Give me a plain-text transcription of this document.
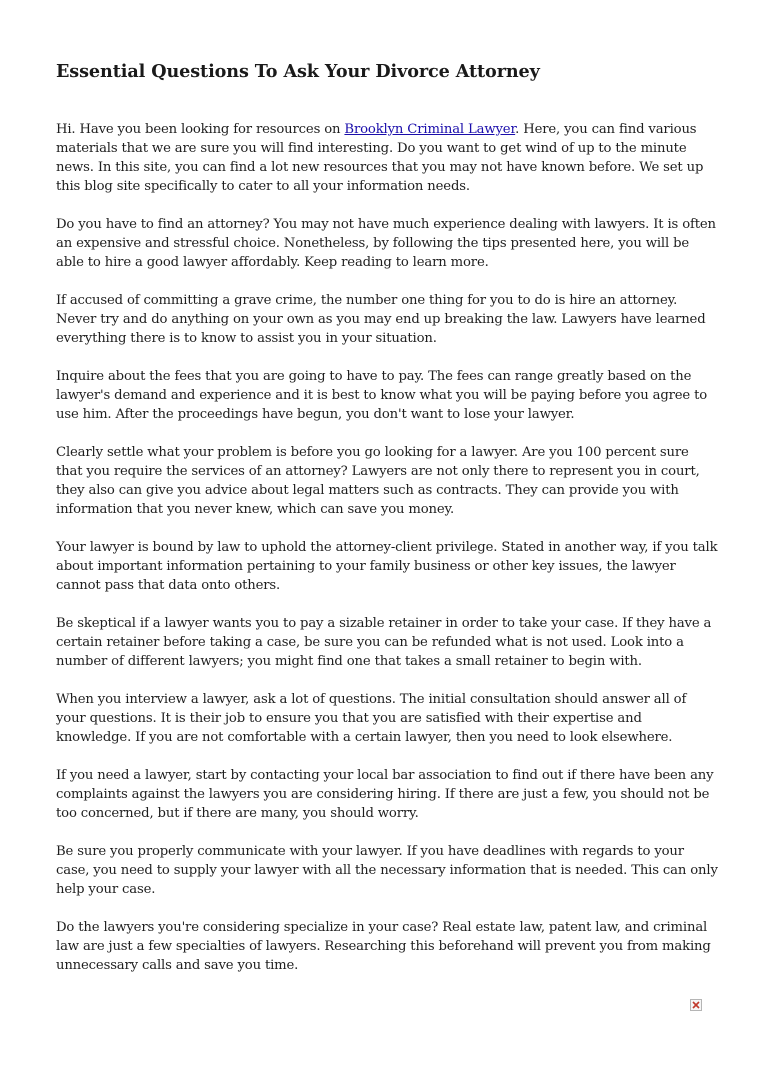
Essential Questions To Ask Your Divorce Attorney

Hi. Have you been looking for resources on Brooklyn Criminal Lawyer. Here, you can find various materials that we are sure you will find interesting. Do you want to get wind of up to the minute news. In this site, you can find a lot new resources that you may not have known before. We set up this blog site specifically to cater to all your information needs.

Do you have to find an attorney? You may not have much experience dealing with lawyers. It is often an expensive and stressful choice. Nonetheless, by following the tips presented here, you will be able to hire a good lawyer affordably. Keep reading to learn more.

If accused of committing a grave crime, the number one thing for you to do is hire an attorney. Never try and do anything on your own as you may end up breaking the law. Lawyers have learned everything there is to know to assist you in your situation.

Inquire about the fees that you are going to have to pay. The fees can range greatly based on the lawyer's demand and experience and it is best to know what you will be paying before you agree to use him. After the proceedings have begun, you don't want to lose your lawyer.

Clearly settle what your problem is before you go looking for a lawyer. Are you 100 percent sure that you require the services of an attorney? Lawyers are not only there to represent you in court, they also can give you advice about legal matters such as contracts. They can provide you with information that you never knew, which can save you money.

Your lawyer is bound by law to uphold the attorney-client privilege. Stated in another way, if you talk about important information pertaining to your family business or other key issues, the lawyer cannot pass that data onto others.

Be skeptical if a lawyer wants you to pay a sizable retainer in order to take your case. If they have a certain retainer before taking a case, be sure you can be refunded what is not used. Look into a number of different lawyers; you might find one that takes a small retainer to begin with.

When you interview a lawyer, ask a lot of questions. The initial consultation should answer all of your questions. It is their job to ensure you that you are satisfied with their expertise and knowledge. If you are not comfortable with a certain lawyer, then you need to look elsewhere.

If you need a lawyer, start by contacting your local bar association to find out if there have been any complaints against the lawyers you are considering hiring. If there are just a few, you should not be too concerned, but if there are many, you should worry.

Be sure you properly communicate with your lawyer. If you have deadlines with regards to your case, you need to supply your lawyer with all the necessary information that is needed. This can only help your case.

Do the lawyers you're considering specialize in your case? Real estate law, patent law, and criminal law are just a few specialties of lawyers. Researching this beforehand will prevent you from making unnecessary calls and save you time.
